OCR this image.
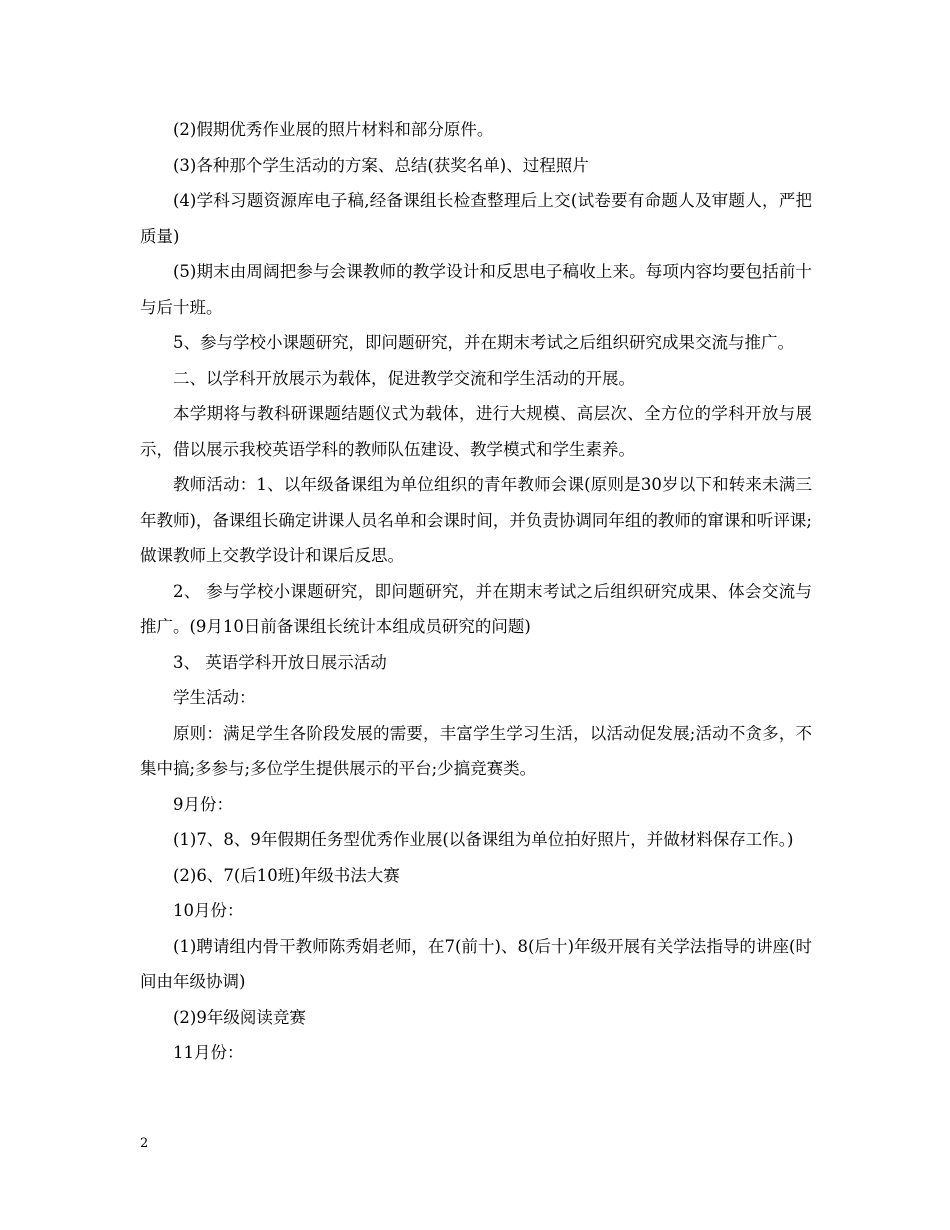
(2)假期优秀作业展的照片材料和部分原件。

(3)各种那个学生活动的方案、总结(获奖名单)、过程照片

(4)学科习题资源库电子稿,经备课组长检查整理后上交(试卷要有命题人及审题人，严把质量)

(5)期末由周阔把参与会课教师的教学设计和反思电子稿收上来。每项内容均要包括前十与后十班。

5、参与学校小课题研究，即问题研究，并在期末考试之后组织研究成果交流与推广。

二、以学科开放展示为载体，促进教学交流和学生活动的开展。

本学期将与教科研课题结题仪式为载体，进行大规模、高层次、全方位的学科开放与展示，借以展示我校英语学科的教师队伍建设、教学模式和学生素养。

教师活动：1、以年级备课组为单位组织的青年教师会课(原则是30岁以下和转来未满三年教师)，备课组长确定讲课人员名单和会课时间，并负责协调同年组的教师的窜课和听评课;做课教师上交教学设计和课后反思。

2、 参与学校小课题研究，即问题研究，并在期末考试之后组织研究成果、体会交流与推广。(9月10日前备课组长统计本组成员研究的问题)

3、 英语学科开放日展示活动

学生活动：

原则：满足学生各阶段发展的需要，丰富学生学习生活，以活动促发展;活动不贪多，不集中搞;多参与;多位学生提供展示的平台;少搞竞赛类。

9月份：

(1)7、8、9年假期任务型优秀作业展(以备课组为单位拍好照片，并做材料保存工作。)

(2)6、7(后10班)年级书法大赛

10月份：

(1)聘请组内骨干教师陈秀娟老师，在7(前十)、8(后十)年级开展有关学法指导的讲座(时间由年级协调)

(2)9年级阅读竞赛

11月份：

2
